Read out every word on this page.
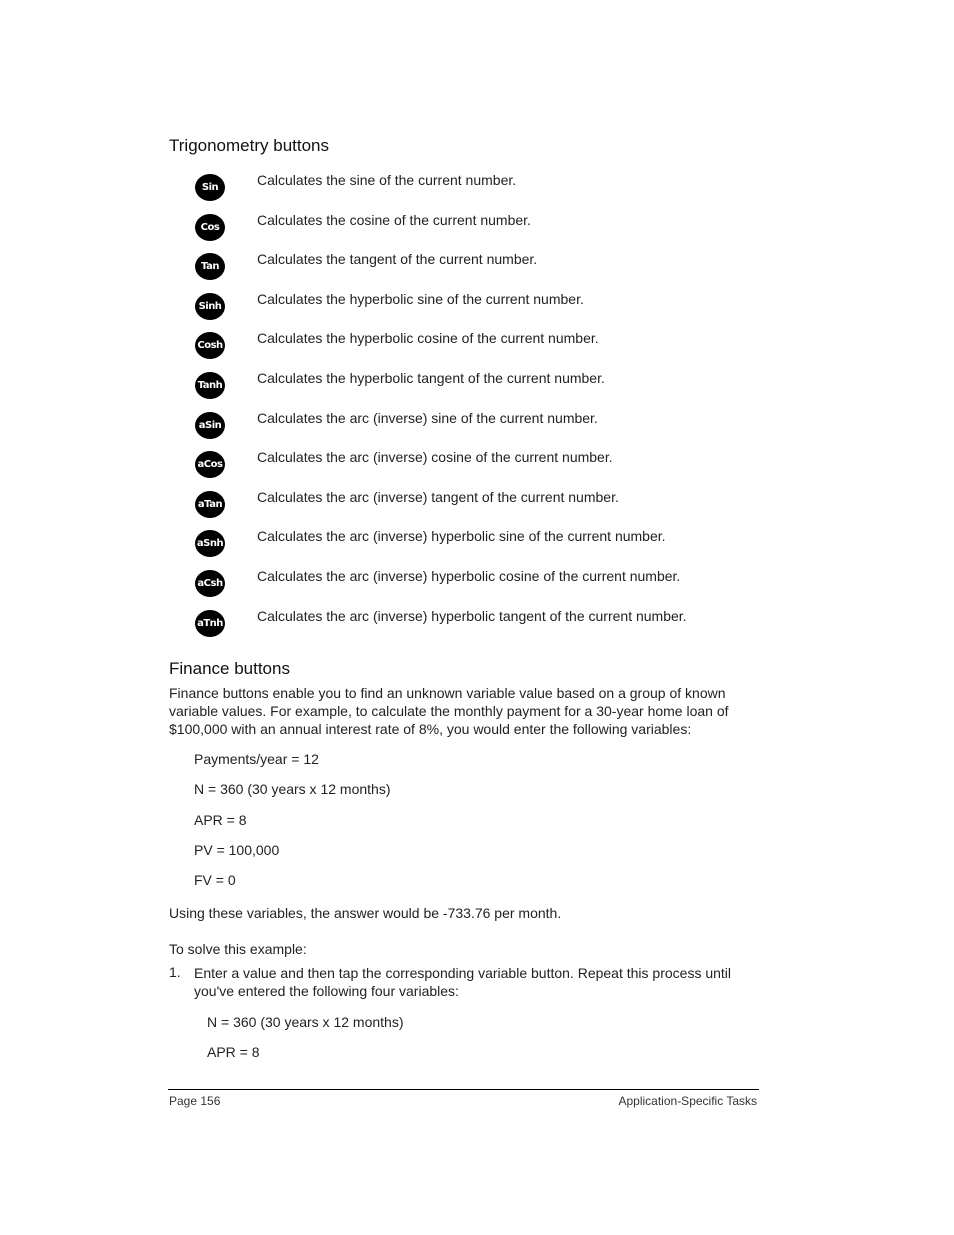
Trigonometry buttons
Sin	Calculates the sine of the current number.
Cos	Calculates the cosine of the current number.
Tan	Calculates the tangent of the current number.
Sinh	Calculates the hyperbolic sine of the current number.
Cosh Calculates the hyperbolic cosine of the current number.
Tanh Calculates the hyperbolic tangent of the current number.
aSin	Calculates the arc (inverse) sine of the current number.
aCos Calculates the arc (inverse) cosine of the current number.
aTan Calculates the arc (inverse) tangent of the current number.
aSnh Calculates the arc (inverse) hyperbolic sine of the current number.
aCsh Calculates the arc (inverse) hyperbolic cosine of the current number.
aTnh Calculates the arc (inverse) hyperbolic tangent of the current number.
Finance buttons
Finance buttons enable you to find an unknown variable value based on a group of known variable values. For example, to calculate the monthly payment for a 30-year home loan of $100,000 with an annual interest rate of 8%, you would enter the following variables:
Payments/year = 12
N = 360 (30 years x 12 months)
APR = 8
PV = 100,000
FV = 0
Using these variables, the answer would be -733.76 per month.
To solve this example:
1. Enter a value and then tap the corresponding variable button. Repeat this process until you've entered the following four variables:
N = 360 (30 years x 12 months)
APR = 8
Page 156	Application-Specific Tasks
